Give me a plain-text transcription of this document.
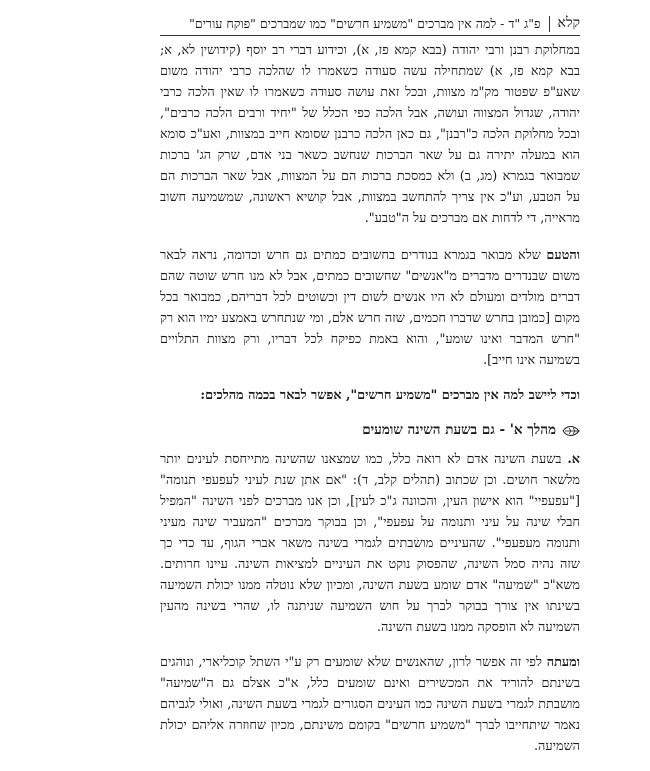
קלא
פ"ג "ד - למה אין מברכים "משמיע חרשים" כמו שמברכים "פוקח עורים"

במחלוקת רבנן ורבי יהודה (בבא קמא פז, א), וכידוע דברי רב יוסף (קידושין לא, א; בבא קמא פז, א) שמתחילה עשה סעודה כשאמרו לו שהלכה כרבי יהודה משום שאע"פ שפטור מק"מ מצוות, ובכל זאת עושה סעודה כשאמרו לו שאין הלכה כרבי יהודה, שגדול המצווה ועושה, אבל הלכה כפי הכלל של "יחיד ורבים הלכה כרבים", ובכל מחלוקת הלכה כ"רבנן", גם כאן הלכה כרבנן שסומא חייב במצוות, ואע"כ סומא הוא במעלה יתירה גם על שאר הברכות שנחשב כשאר בני אדם, שרק הג' ברכות שמבואר בגמרא (מג, ב) ולא כמסכת ברכות הם על המצוות, אבל שאר הברכות הם על הטבע, וע"כ אין צריך להתחשב במצוות, אבל קושיא ראשונה, שמשמיעה חשוב מראייה, די לדחות אם מברכים על ה"טבע".

והטעם שלא מבואר בגמרא בנודרים בחשובים כמתים גם חרש וכדומה, נראה לבאר משום שבנדרים מדברים מ"אנשים" שחשובים כמתים, אבל לא מנו חרש שוטה שהם דברים מולדים ומעולם לא היו אנשים לשום דין וכשוטים לכל דבריהם, כמבואר בכל מקום [כמובן בחרש שדברו חכמים, שזה חרש אלם, ומי שנתחרש באמצע ימיו הוא רק "חרש המדבר ואינו שומע", והוא באמת כפיקח לכל דבריו, ורק מצוות התלויים בשמיעה אינו חייב].

וכדי ליישב למה אין מברכים "משמיע חרשים", אפשר לבאר בכמה מהלכים:

מהלך א' - גם בשעת השינה שומעים

א. בשעת השינה אדם לא רואה כלל, כמו שמצאנו שהשינה מתייחסת לעינים יותר מלשאר חושים. וכן שכתוב (תהלים קלב, ד): "אם אתן שנת לעיני לעפעפי תנומה" ["עפעפיי" הוא אישון העין, והכוונה ג"כ לעין], וכן אנו מברכים לפני השינה "המפיל חבלי שינה על עיני ותנומה על עפעפי", וכן בבוקר מברכים "המעביר שינה מעיני ותנומה מעפעפי". שהעיניים מושבתים לגמרי בשינה משאר אברי הגוף, עד כדי כך שזה נהיה סמל השינה, שהפסוק נוקט את העיניים למציאות השינה. עיינו חרותים. משא"כ "שמיעה" אדם שומע בשעת השינה, ומכיון שלא נוטלה ממנו יכולת השמיעה בשינתו אין צורך בבוקר לברך על חוש השמיעה שניתנה לו, שהרי בשינה מהעין השמיעה לא הופסקה ממנו בשעת השינה.

ומעתה לפי זה אפשר לרון, שהאנשים שלא שומעים רק ע"י השתל קוכליארי, ונוהגים בשינתם להוריד את המכשירים ואינם שומעים כלל, א"כ אצלם גם ה"שמיעה" מושבתת לגמרי בשעת השינה כמו העינים הסגורים לגמרי בשעת השינה, ואולי לגביהם נאמר שיתחייבו לברך "משמיע חרשים" בקומם משינתם, מכיון שחוזרה אליהם יכולת השמיעה.
